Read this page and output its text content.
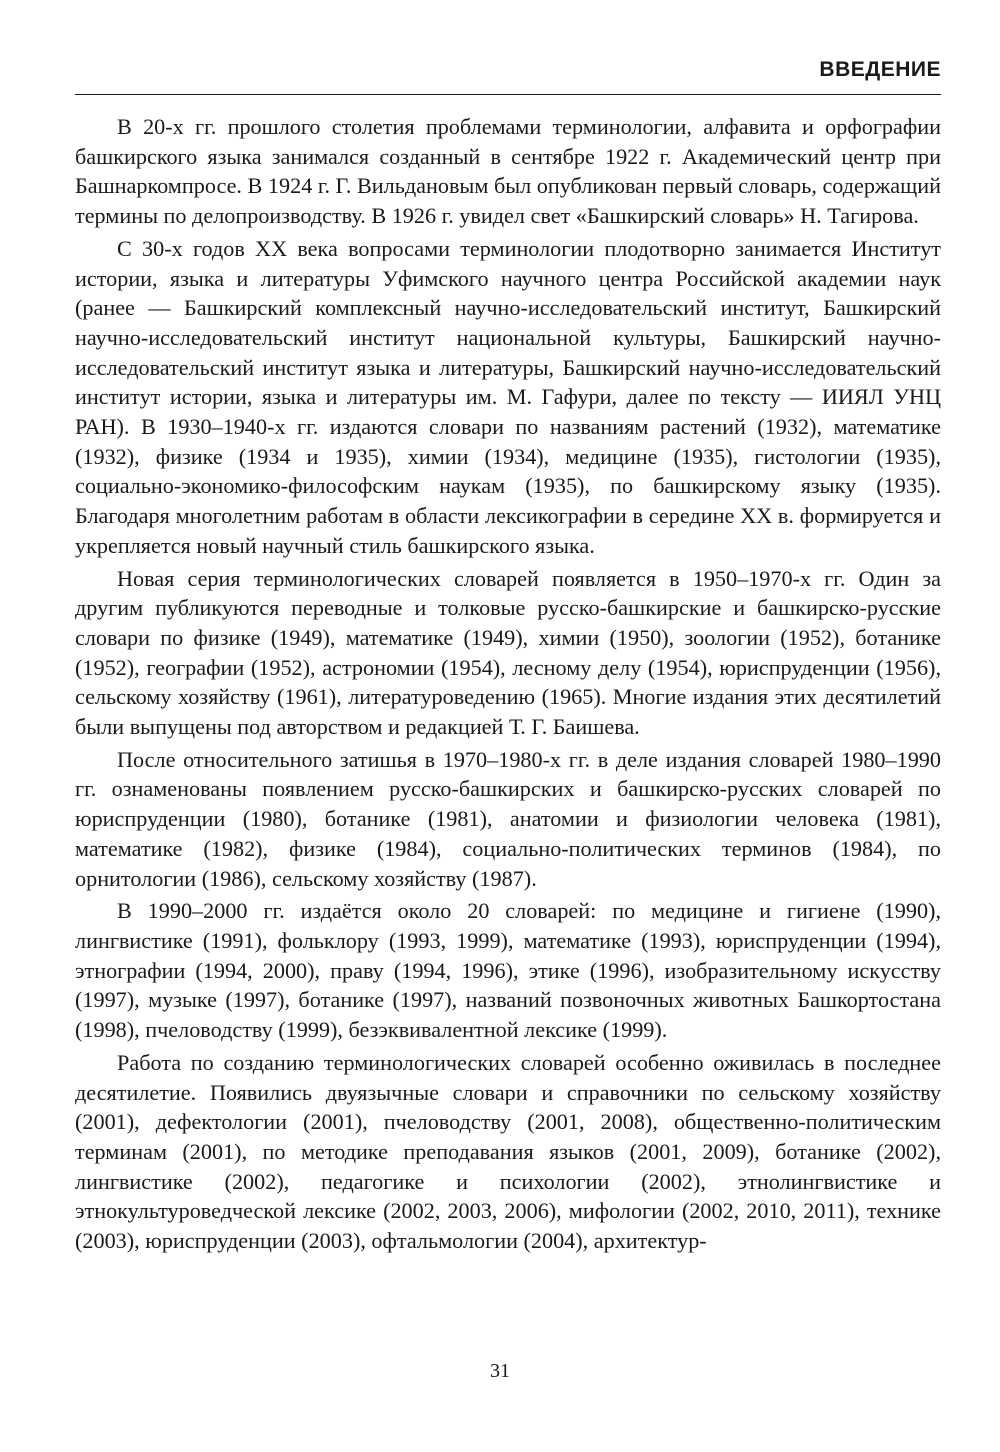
ВВЕДЕНИЕ

В 20-х гг. прошлого столетия проблемами терминологии, алфавита и орфографии башкирского языка занимался созданный в сентябре 1922 г. Академический центр при Башнаркомпросе. В 1924 г. Г. Вильдановым был опубликован первый словарь, содержащий термины по делопроизводству. В 1926 г. увидел свет «Башкирский словарь» Н. Тагирова.

С 30-х годов XX века вопросами терминологии плодотворно занимается Институт истории, языка и литературы Уфимского научного центра Российской академии наук (ранее — Башкирский комплексный научно-исследовательский институт, Башкирский научно-исследовательский институт национальной культуры, Башкирский научно-исследовательский институт языка и литературы, Башкирский научно-исследовательский институт истории, языка и литературы им. М. Гафури, далее по тексту — ИИЯЛ УНЦ РАН). В 1930–1940-х гг. издаются словари по названиям растений (1932), математике (1932), физике (1934 и 1935), химии (1934), медицине (1935), гистологии (1935), социально-экономико-философским наукам (1935), по башкирскому языку (1935). Благодаря многолетним работам в области лексикографии в середине XX в. формируется и укрепляется новый научный стиль башкирского языка.

Новая серия терминологических словарей появляется в 1950–1970-х гг. Один за другим публикуются переводные и толковые русско-башкирские и башкирско-русские словари по физике (1949), математике (1949), химии (1950), зоологии (1952), ботанике (1952), географии (1952), астрономии (1954), лесному делу (1954), юриспруденции (1956), сельскому хозяйству (1961), литературоведению (1965). Многие издания этих десятилетий были выпущены под авторством и редакцией Т. Г. Баишева.

После относительного затишья в 1970–1980-х гг. в деле издания словарей 1980–1990 гг. ознаменованы появлением русско-башкирских и башкирско-русских словарей по юриспруденции (1980), ботанике (1981), анатомии и физиологии человека (1981), математике (1982), физике (1984), социально-политических терминов (1984), по орнитологии (1986), сельскому хозяйству (1987).

В 1990–2000 гг. издаётся около 20 словарей: по медицине и гигиене (1990), лингвистике (1991), фольклору (1993, 1999), математике (1993), юриспруденции (1994), этнографии (1994, 2000), праву (1994, 1996), этике (1996), изобразительному искусству (1997), музыке (1997), ботанике (1997), названий позвоночных животных Башкортостана (1998), пчеловодству (1999), безэквивалентной лексике (1999).

Работа по созданию терминологических словарей особенно оживилась в последнее десятилетие. Появились двуязычные словари и справочники по сельскому хозяйству (2001), дефектологии (2001), пчеловодству (2001, 2008), общественно-политическим терминам (2001), по методике преподавания языков (2001, 2009), ботанике (2002), лингвистике (2002), педагогике и психологии (2002), этнолингвистике и этнокультуроведческой лексике (2002, 2003, 2006), мифологии (2002, 2010, 2011), технике (2003), юриспруденции (2003), офтальмологии (2004), архитектур-

31
